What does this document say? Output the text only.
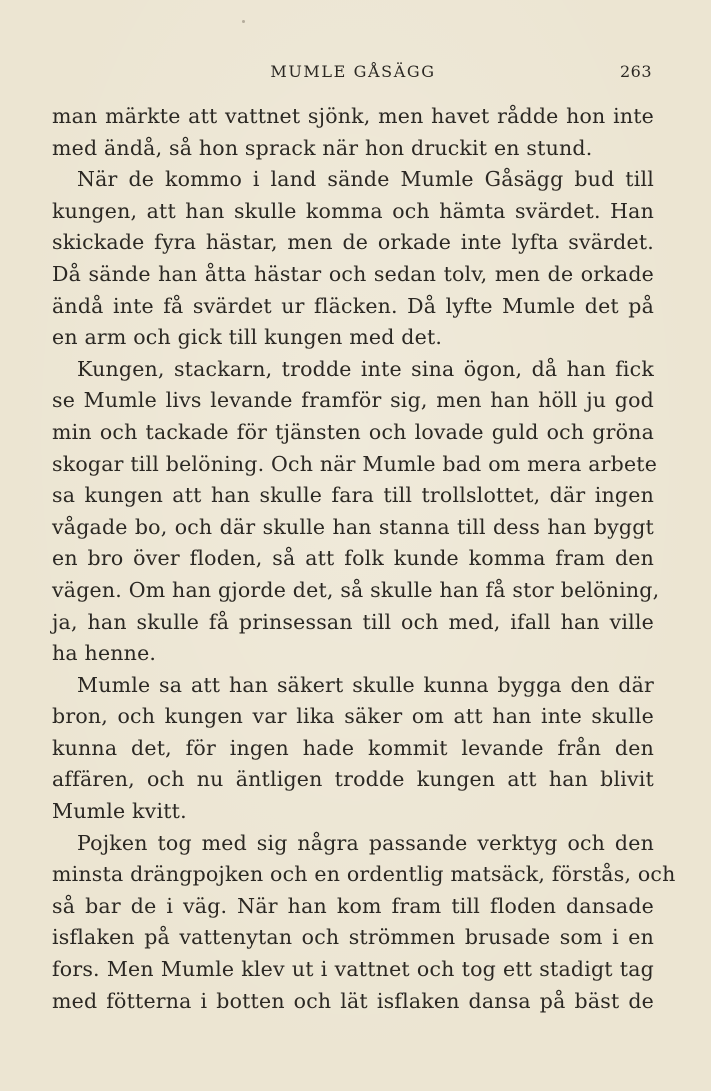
MUMLE GÅSÄGG	263
man märkte att vattnet sjönk, men havet rådde hon inte
med ändå, så hon sprack när hon druckit en stund.
När de kommo i land sände Mumle Gåsägg bud till
kungen, att han skulle komma och hämta svärdet. Han
skickade fyra hästar, men de orkade inte lyfta svärdet.
Då sände han åtta hästar och sedan tolv, men de orkade
ändå inte få svärdet ur fläcken. Då lyfte Mumle det på
en arm och gick till kungen med det.
Kungen, stackarn, trodde inte sina ögon, då han fick
se Mumle livs levande framför sig, men han höll ju god
min och tackade för tjänsten och lovade guld och gröna
skogar till belöning. Och när Mumle bad om mera arbete
sa kungen att han skulle fara till trollslottet, där ingen
vågade bo, och där skulle han stanna till dess han byggt
en bro över floden, så att folk kunde komma fram den
vägen. Om han gjorde det, så skulle han få stor belöning,
ja, han skulle få prinsessan till och med, ifall han ville
ha henne.
Mumle sa att han säkert skulle kunna bygga den där
bron, och kungen var lika säker om att han inte skulle
kunna det, för ingen hade kommit levande från den
affären, och nu äntligen trodde kungen att han blivit
Mumle kvitt.
Pojken tog med sig några passande verktyg och den
minsta drängpojken och en ordentlig matsäck, förstås, och
så bar de i väg. När han kom fram till floden dansade
isflaken på vattenytan och strömmen brusade som i en
fors. Men Mumle klev ut i vattnet och tog ett stadigt tag
med fötterna i botten och lät isflaken dansa på bäst de
